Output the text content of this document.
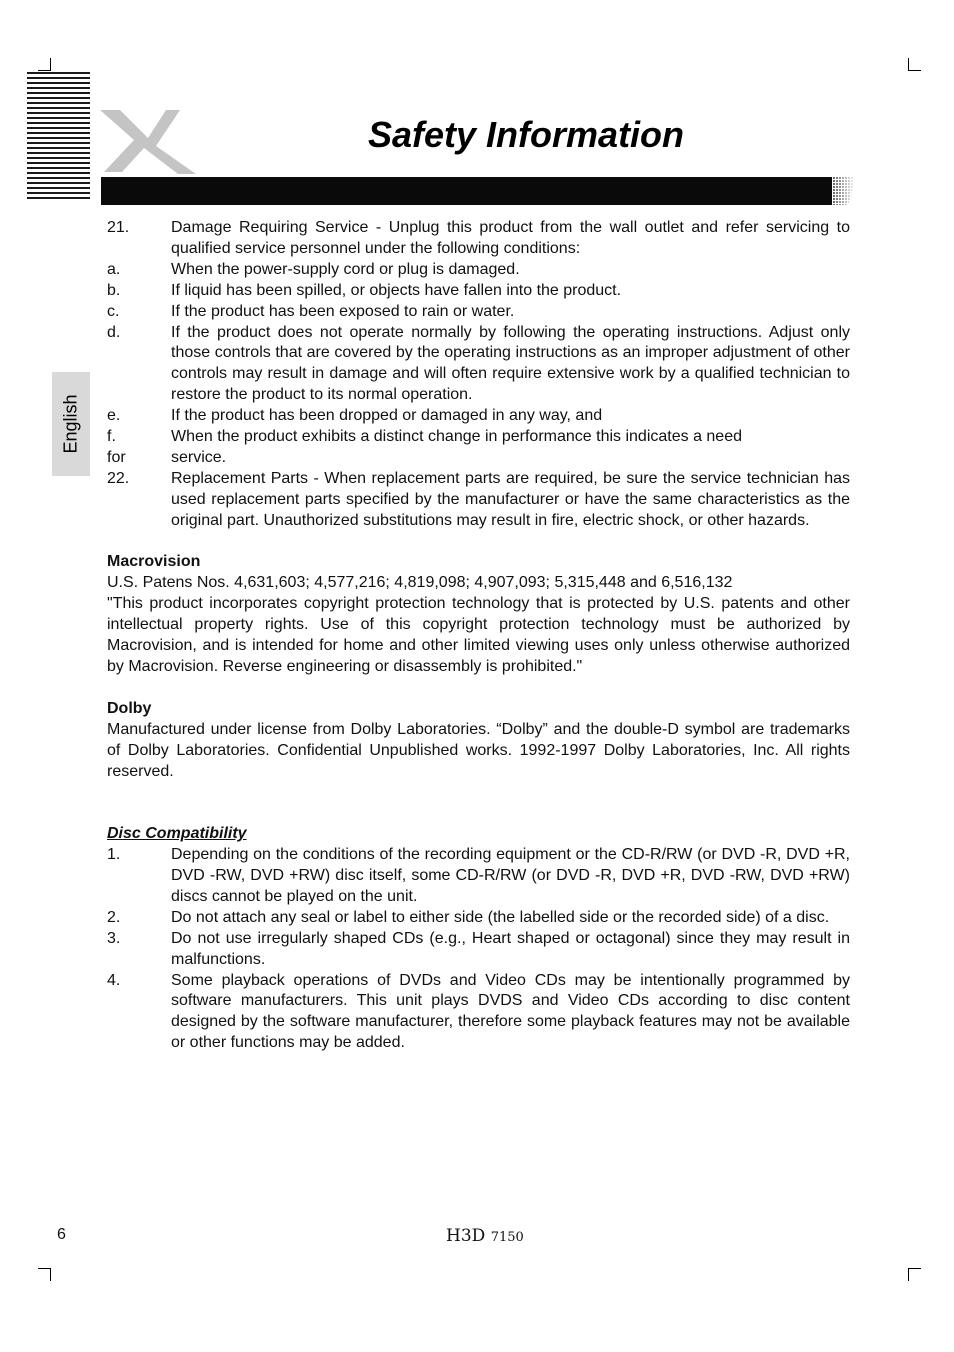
Safety Information
English
21.	Damage Requiring Service - Unplug this product from the wall outlet and refer servicing to qualified service personnel under the following conditions:
a.	When the power-supply cord or plug is damaged.
b.	If liquid has been spilled, or objects have fallen into the product.
c.	If the product has been exposed to rain or water.
d.	If the product does not operate normally by following the operating instructions. Adjust only those controls that are covered by the operating instructions as an improper adjustment of other controls may result in damage and will often require extensive work by a qualified technician to restore the product to its normal operation.
e.	If the product has been dropped or damaged in any way, and
f.	When the product exhibits a distinct change in performance this indicates a need
for	service.
22.	Replacement Parts - When replacement parts are required, be sure the service technician has used replacement parts specified by the manufacturer or have the same characteristics as the original part. Unauthorized substitutions may result in fire, electric shock, or other hazards.
Macrovision
U.S. Patens Nos. 4,631,603; 4,577,216; 4,819,098; 4,907,093; 5,315,448 and 6,516,132
"This product incorporates copyright protection technology that is protected by U.S. patents and other intellectual property rights. Use of this copyright protection technology must be authorized by Macrovision, and is intended for home and other limited viewing uses only unless otherwise authorized by Macrovision. Reverse engineering or disassembly is prohibited."
Dolby
Manufactured under license from Dolby Laboratories. “Dolby” and the double-D symbol are trademarks of Dolby Laboratories. Confidential Unpublished works. 1992-1997 Dolby Laboratories, Inc. All rights reserved.
Disc Compatibility
1.	Depending on the conditions of the recording equipment or the CD-R/RW (or DVD -R, DVD +R, DVD -RW, DVD +RW) disc itself, some CD-R/RW (or DVD -R, DVD +R, DVD -RW, DVD +RW) discs cannot be played on the unit.
2.	Do not attach any seal or label to either side (the labelled side or the recorded side) of a disc.
3.	Do not use irregularly shaped CDs (e.g., Heart shaped or octagonal) since they may result in malfunctions.
4.	Some playback operations of DVDs and Video CDs may be intentionally programmed by software manufacturers. This unit plays DVDS and Video CDs according to disc content designed by the software manufacturer, therefore some playback features may not be available or other functions may be added.
6	H3D 7150
